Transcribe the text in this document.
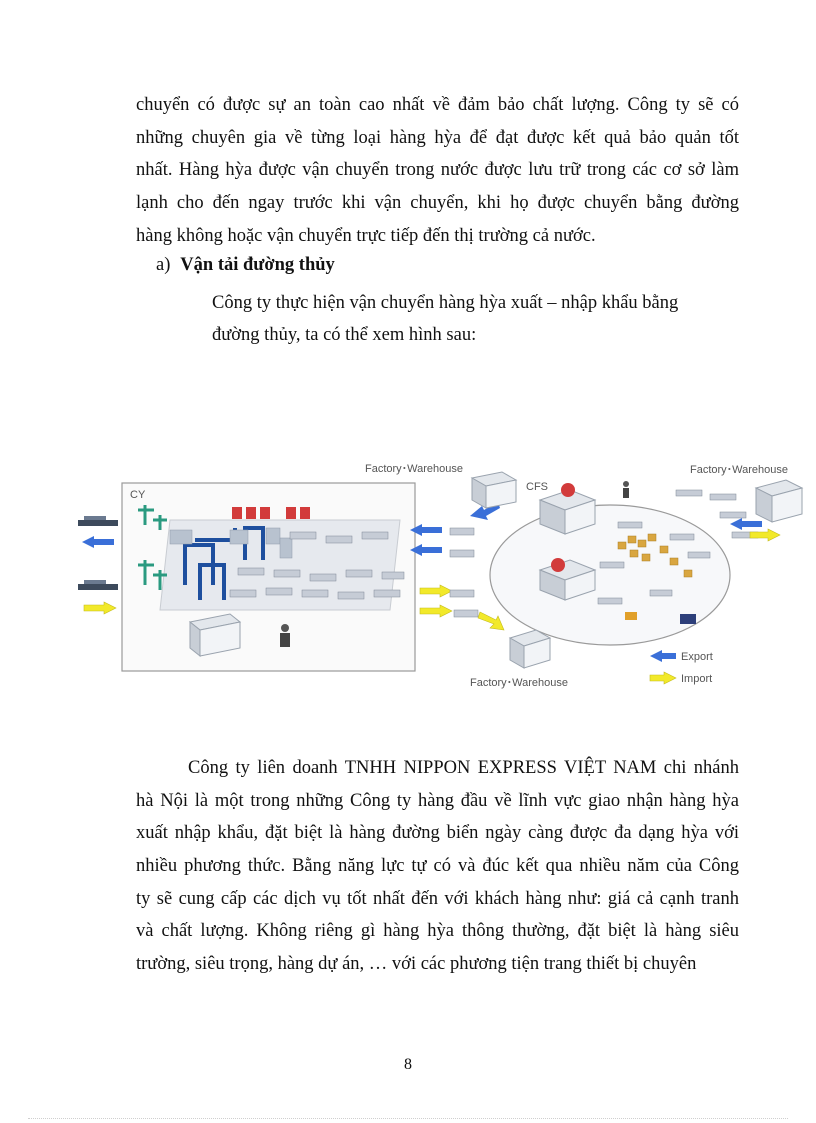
chuyển có được sự an toàn cao nhất về đảm bảo chất lượng. Công ty sẽ có
những chuyên gia về từng loại hàng hỳa để đạt được kết quả bảo quản tốt
nhất. Hàng hỳa được vận chuyển trong nước được lưu trữ trong các cơ sở làm
lạnh cho đến ngay trước khi vận chuyển, khi họ được chuyển bằng đường
hàng không hoặc vận chuyển trực tiếp đến thị trường cả nước.

a) Vận tải đường thủy

Công ty thực hiện vận chuyển hàng hỳa xuất – nhập khẩu bằng
đường thủy, ta có thể xem hình sau:
CY
Factory･Warehouse
CFS
Factory･Warehouse
Factory･Warehouse
Export
Import
Công ty liên doanh TNHH NIPPON EXPRESS VIỆT NAM chi nhánh
hà Nội là một trong những Công ty hàng đầu về lĩnh vực giao nhận hàng hỳa
xuất nhập khẩu, đặt biệt là hàng đường biển ngày càng được đa dạng hỳa với
nhiều phương thức. Bằng năng lực tự có và đúc kết qua nhiều năm của Công
ty sẽ cung cấp các dịch vụ tốt nhất đến với khách hàng như: giá cả cạnh tranh
và chất lượng. Không riêng gì hàng hỳa thông thường, đặt biệt là hàng siêu
trường, siêu trọng, hàng dự án, … với các phương tiện trang thiết bị chuyên

8
